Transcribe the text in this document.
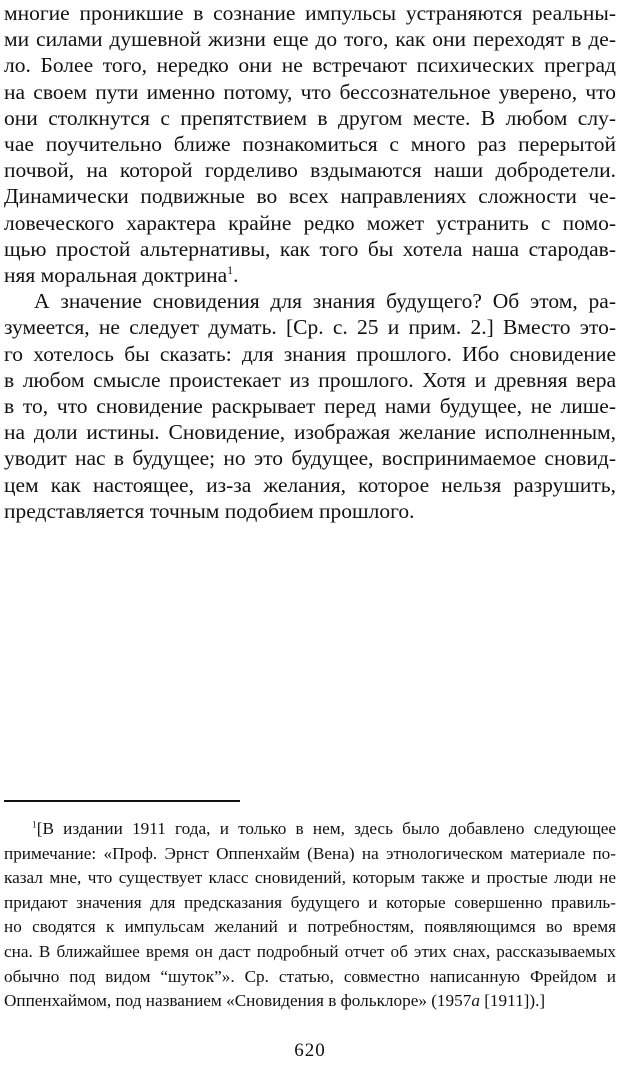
многие проникшие в сознание импульсы устраняются реальны-
ми силами душевной жизни еще до того, как они переходят в де-
ло. Более того, нередко они не встречают психических преград
на своем пути именно потому, что бессознательное уверено, что
они столкнутся с препятствием в другом месте. В любом слу-
чае поучительно ближе познакомиться с много раз перерытой
почвой, на которой горделиво вздымаются наши добродетели.
Динамически подвижные во всех направлениях сложности че-
ловеческого характера крайне редко может устранить с помо-
щью простой альтернативы, как того бы хотела наша стародав-
няя моральная доктрина$^1$.

А значение сновидения для знания будущего? Об этом, ра-
зумеется, не следует думать. [Ср. с. 25 и прим. 2.] Вместо это-
го хотелось бы сказать: для знания прошлого. Ибо сновидение
в любом смысле проистекает из прошлого. Хотя и древняя вера
в то, что сновидение раскрывает перед нами будущее, не лише-
на доли истины. Сновидение, изображая желание исполненным,
уводит нас в будущее; но это будущее, воспринимаемое сновид-
цем как настоящее, из-за желания, которое нельзя разрушить,
представляется точным подобием прошлого.

$^1$[В издании 1911 года, и только в нем, здесь было добавлено следующее
примечание: «Проф. Эрнст Оппенхайм (Вена) на этнологическом материале по-
казал мне, что существует класс сновидений, которым также и простые люди не
придают значения для предсказания будущего и которые совершенно правиль-
но сводятся к импульсам желаний и потребностям, появляющимся во время
сна. В ближайшее время он даст подробный отчет об этих снах, рассказываемых
обычно под видом “шуток”». Ср. статью, совместно написанную Фрейдом и
Оппенхаймом, под названием «Сновидения в фольклоре» (1957a [1911]).]
620
